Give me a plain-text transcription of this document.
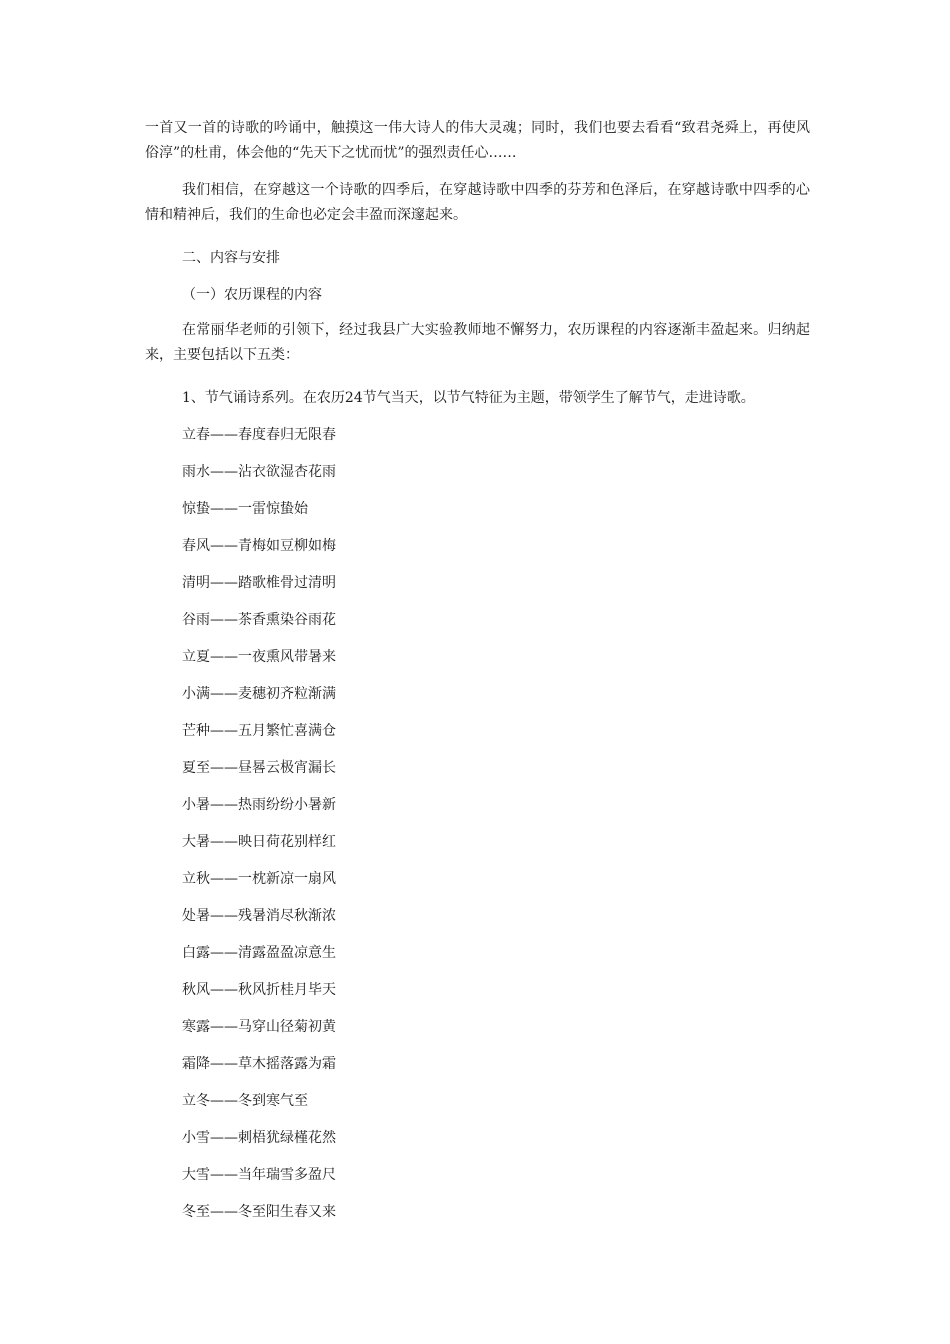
一首又一首的诗歌的吟诵中，触摸这一伟大诗人的伟大灵魂；同时，我们也要去看看“致君尧舜上，再使风俗淳”的杜甫，体会他的“先天下之忧而忧”的强烈责任心……

我们相信，在穿越这一个诗歌的四季后，在穿越诗歌中四季的芬芳和色泽后，在穿越诗歌中四季的心情和精神后，我们的生命也必定会丰盈而深邃起来。

二、内容与安排

（一）农历课程的内容

在常丽华老师的引领下，经过我县广大实验教师地不懈努力，农历课程的内容逐渐丰盈起来。归纳起来，主要包括以下五类：

1、节气诵诗系列。在农历24节气当天，以节气特征为主题，带领学生了解节气，走进诗歌。

立春——春度春归无限春
雨水——沾衣欲湿杏花雨
惊蛰——一雷惊蛰始
春风——青梅如豆柳如梅
清明——踏歌椎骨过清明
谷雨——茶香熏染谷雨花
立夏——一夜熏风带暑来
小满——麦穗初齐粒渐满
芒种——五月繁忙喜满仓
夏至——昼晷云极宵漏长
小暑——热雨纷纷小暑新
大暑——映日荷花别样红
立秋——一枕新凉一扇风
处暑——残暑消尽秋渐浓
白露——清露盈盈凉意生
秋风——秋风折桂月毕天
寒露——马穿山径菊初黄
霜降——草木摇落露为霜
立冬——冬到寒气至
小雪——刺梧犹绿槿花然
大雪——当年瑞雪多盈尺
冬至——冬至阳生春又来
